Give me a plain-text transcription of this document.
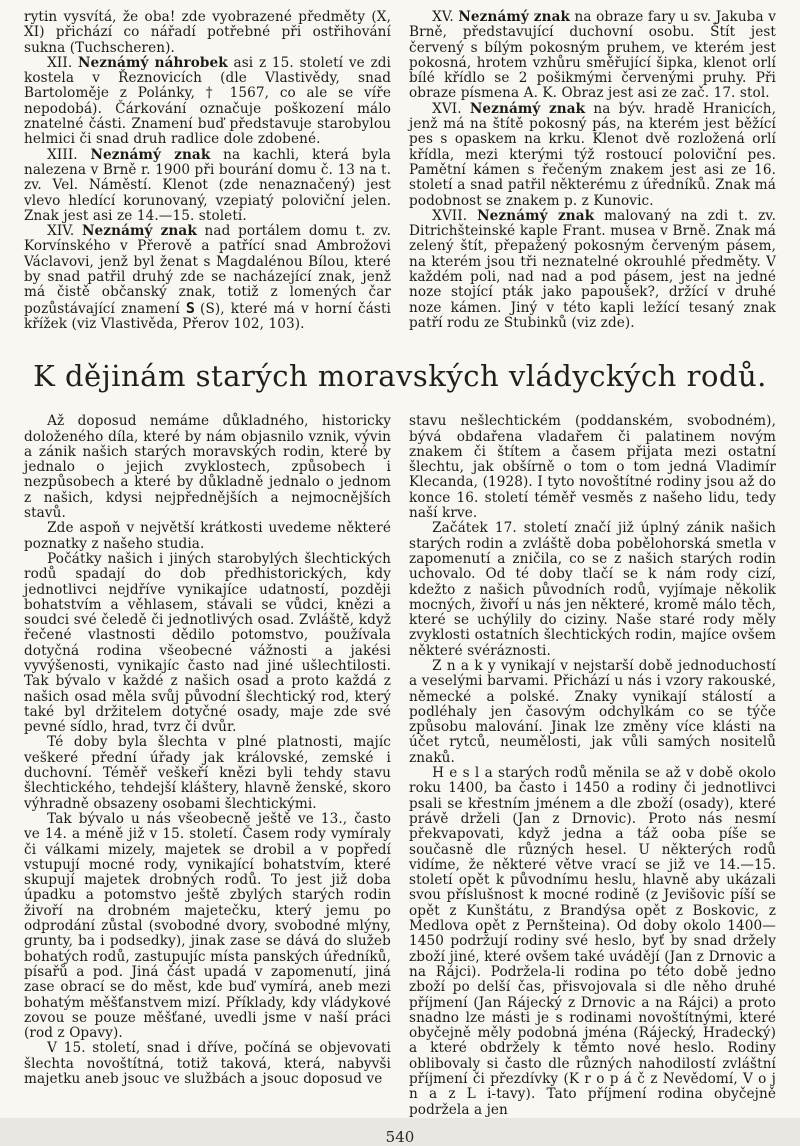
rytin vysvítá, že oba! zde vyobrazené předměty (X, XI) přichází co nářadí potřebné při ostřihování sukna (Tuchscheren).

XII. Neznámý náhrobek asi z 15. století ve zdi kostela v Řeznovicích (dle Vlastivědy, snad Bartoloměje z Polánky, † 1567, co ale se víře nepodobá). Čárkování označuje poškození málo znatelné části. Znamení buď představuje starobylou helmici či snad druh radlice dole zdobené.

XIII. Neznámý znak na kachli, která byla nalezena v Brně r. 1900 při bourání domu č. 13 na t. zv. Vel. Náměstí. Klenot (zde nenaznačený) jest vlevo hledící korunovaný, vzepiatý poloviční jelen. Znak jest asi ze 14.—15. století.

XIV. Neznámý znak nad portálem domu t. zv. Korvínského v Přerově a patřící snad Ambrožovi Václavovi, jenž byl ženat s Magdalénou Bílou, které by snad patřil druhý zde se nacházející znak, jenž má čistě občanský znak, totiž z lomených čar pozůstávající znamení S (S), které má v horní části křížek (viz Vlastivěda, Přerov 102, 103).

XV. Neznámý znak na obraze fary u sv. Jakuba v Brně, představující duchovní osobu. Štít jest červený s bílým pokosným pruhem, ve kterém jest pokosná, hrotem vzhůru směřující šipka, klenot orlí bílé křídlo se 2 pošikmými červenými pruhy. Při obraze písmena A. K. Obraz jest asi ze zač. 17. stol.

XVI. Neznámý znak na býv. hradě Hranicích, jenž má na štítě pokosný pás, na kterém jest běžící pes s opaskem na krku. Klenot dvě rozložená orlí křídla, mezi kterými týž rostoucí poloviční pes. Pamětní kámen s řečeným znakem jest asi ze 16. století a snad patřil některému z úředníků. Znak má podobnost se znakem p. z Kunovic.

XVII. Neznámý znak malovaný na zdi t. zv. Ditrichšteinské kaple Frant. musea v Brně. Znak má zelený štít, přepažený pokosným červeným pásem, na kterém jsou tři neznatelné okrouhlé předměty. V každém poli, nad nad a pod pásem, jest na jedné noze stojící pták jako papoušek?, držící v druhé noze kámen. Jiný v této kapli ležící tesaný znak patří rodu ze Stubinků (viz zde).

K dějinám starých moravských vládyckých rodů.

Až doposud nemáme důkladného, historicky doloženého díla, které by nám objasnilo vznik, vývin a zánik našich starých moravských rodin, které by jednalo o jejich zvyklostech, způsobech i nezpůsobech a které by důkladně jednalo o jednom z našich, kdysi nejpřednějších a nejmocnějších stavů.

Zde aspoň v největší krátkosti uvedeme některé poznatky z našeho studia.

Počátky našich i jiných starobylých šlechtických rodů spadají do dob předhistorických, kdy jednotlivci nejdříve vynikajíce udatností, později bohatstvím a věhlasem, stávali se vůdci, knězi a soudci své čeledě či jednotlivých osad. Zvláště, když řečené vlastnosti dědilo potomstvo, používala dotyčná rodina všeobecné vážnosti a jakési vyvýšenosti, vynikajíc často nad jiné ušlechtilosti. Tak bývalo v každé z našich osad a proto každá z našich osad měla svůj původní šlechtický rod, který také byl držitelem dotyčné osady, maje zde své pevné sídlo, hrad, tvrz či dvůr.

Té doby byla šlechta v plné platnosti, majíc veškeré přední úřady jak královské, zemské i duchovní. Téměř veškeří knězi byli tehdy stavu šlechtického, tehdejší kláštery, hlavně ženské, skoro výhradně obsazeny osobami šlechtickými.

Tak bývalo u nás všeobecně ještě ve 13., často ve 14. a méně již v 15. století. Časem rody vymíraly či válkami mizely, majetek se drobil a v popředí vstupují mocné rody, vynikající bohatstvím, které skupují majetek drobných rodů. To jest již doba úpadku a potomstvo ještě zbylých starých rodin živoří na drobném majetečku, který jemu po odprodání zůstal (svobodné dvory, svobodné mlýny, grunty, ba i podsedky), jinak zase se dává do služeb bohatých rodů, zastupujíc místa panských úředníků, písařů a pod. Jiná část upadá v zapomenutí, jiná zase obrací se do měst, kde buď vymírá, aneb mezi bohatým měšťanstvem mizí. Příklady, kdy vládykové zovou se pouze měšťané, uvedli jsme v naší práci (rod z Opavy).

V 15. století, snad i dříve, počíná se objevovati šlechta novoštítná, totiž taková, která, nabyvši majetku aneb jsouc ve službách a jsouc doposud ve

stavu nešlechtickém (poddanském, svobodném), bývá obdařena vladařem či palatinem novým znakem či štítem a časem přijata mezi ostatní šlechtu, jak obšírně o tom o tom jedná Vladimír Klecanda, (1928). I tyto novoštítné rodiny jsou až do konce 16. století téměř vesměs z našeho lidu, tedy naší krve.

Začátek 17. století značí již úplný zánik našich starých rodin a zvláště doba pobělohorská smetla v zapomenutí a zničila, co se z našich starých rodin uchovalo. Od té doby tlačí se k nám rody cizí, kdežto z našich původních rodů, vyjímaje několik mocných, živoří u nás jen některé, kromě málo těch, které se uchýlily do ciziny. Naše staré rody měly zvyklosti ostatních šlechtických rodin, majíce ovšem některé svéráznosti.

Z n a k y vynikají v nejstarší době jednoduchostí a veselými barvami. Přichází u nás i vzory rakouské, německé a polské. Znaky vynikají stálostí a podléhaly jen časovým odchylkám co se týče způsobu malování. Jinak lze změny více klásti na účet rytců, neumělosti, jak vůli samých nositelů znaků.

H e s l a starých rodů měnila se až v době okolo roku 1400, ba často i 1450 a rodiny či jednotlivci psali se křestním jménem a dle zboží (osady), které právě drželi (Jan z Drnovic). Proto nás nesmí překvapovati, když jedna a táž ooba píše se současně dle různých hesel. U některých rodů vidíme, že některé větve vrací se již ve 14.—15. století opět k původnímu heslu, hlavně aby ukázali svou příslušnost k mocné rodině (z Jevišovic píší se opět z Kunštátu, z Brandýsa opět z Boskovic, z Medlova opět z Pernšteina). Od doby okolo 1400—1450 podržují rodiny své heslo, byť by snad držely zboží jiné, které ovšem také uvádějí (Jan z Drnovic a na Rájci). Podržela-li rodina po této době jedno zboží po delší čas, přisvojovala si dle něho druhé příjmení (Jan Rájecký z Drnovic a na Rájci) a proto snadno lze másti je s rodinami novoštítnými, které obyčejně měly podobná jména (Rájecký, Hradecký) a které obdržely k těmto nové heslo. Rodiny oblibovaly si často dle různých nahodilostí zvláštní příjmení či přezdívky (K r o p á č z Nevědomí, V o j n a z L i-tavy). Tato příjmení rodina obyčejně podržela a jen

540
